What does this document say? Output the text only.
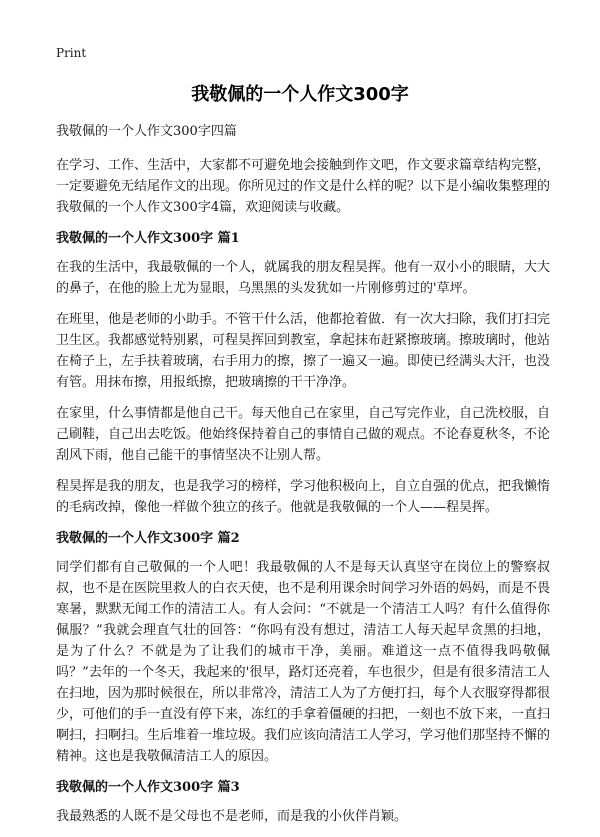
Print
我敬佩的一个人作文300字

我敬佩的一个人作文300字四篇

在学习、工作、生活中，大家都不可避免地会接触到作文吧，作文要求篇章结构完整，一定要避免无结尾作文的出现。你所见过的作文是什么样的呢？以下是小编收集整理的我敬佩的一个人作文300字4篇，欢迎阅读与收藏。

我敬佩的一个人作文300字 篇1

在我的生活中，我最敬佩的一个人，就属我的朋友程昊挥。他有一双小小的眼睛，大大的鼻子，在他的脸上尤为显眼，乌黑黑的头发犹如一片刚修剪过的'草坪。

在班里，他是老师的小助手。不管干什么活，他都抢着做．有一次大扫除，我们打扫完卫生区。我都感觉特别累，可程昊挥回到教室，拿起抹布赶紧擦玻璃。擦玻璃时，他站在椅子上，左手扶着玻璃，右手用力的擦，擦了一遍又一遍。即使已经满头大汗，也没有管。用抹布擦，用报纸擦，把玻璃擦的干干净净。

在家里，什么事情都是他自己干。每天他自己在家里，自己写完作业，自己洗校服，自己刷鞋，自己出去吃饭。他始终保持着自己的事情自己做的观点。不论春夏秋冬，不论刮风下雨，他自己能干的事情坚决不让别人帮。

程昊挥是我的朋友，也是我学习的榜样，学习他积极向上，自立自强的优点，把我懒惰的毛病改掉，像他一样做个独立的孩子。他就是我敬佩的一个人——程昊挥。

我敬佩的一个人作文300字 篇2

同学们都有自己敬佩的一个人吧！我最敬佩的人不是每天认真坚守在岗位上的警察叔叔，也不是在医院里救人的白衣天使，也不是利用课余时间学习外语的妈妈，而是不畏寒暑，默默无闻工作的清洁工人。有人会问：“不就是一个清洁工人吗？有什么值得你佩服？”我就会理直气壮的回答：“你吗有没有想过，清洁工人每天起早贪黑的扫地，是为了什么？不就是为了让我们的城市干净，美丽。难道这一点不值得我吗敬佩吗？”去年的一个冬天，我起来的'很早，路灯还亮着，车也很少，但是有很多清洁工人在扫地，因为那时候很在，所以非常冷，清洁工人为了方便打扫，每个人衣服穿得都很少，可他们的手一直没有停下来，冻红的手拿着僵硬的扫把，一刻也不放下来，一直扫啊扫，扫啊扫。生后堆着一堆垃圾。我们应该向清洁工人学习，学习他们那坚持不懈的精神。这也是我敬佩清洁工人的原因。

我敬佩的一个人作文300字 篇3

我最熟悉的人既不是父母也不是老师，而是我的小伙伴肖颖。
